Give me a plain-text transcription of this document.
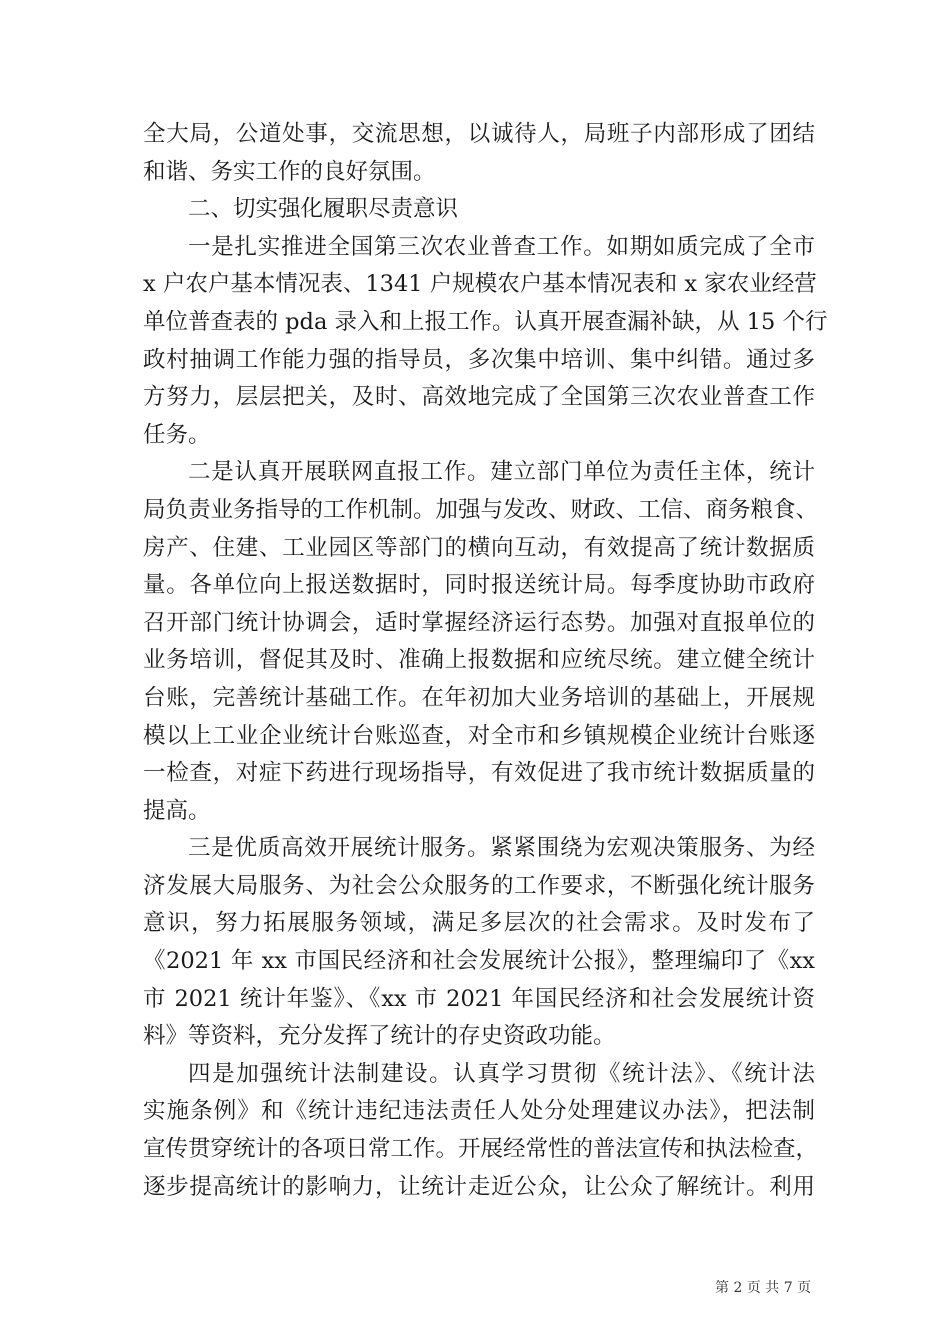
全大局，公道处事，交流思想，以诚待人，局班子内部形成了团结
和谐、务实工作的良好氛围。
二、切实强化履职尽责意识
一是扎实推进全国第三次农业普查工作。如期如质完成了全市
x 户农户基本情况表、1341 户规模农户基本情况表和 x 家农业经营
单位普查表的 pda 录入和上报工作。认真开展查漏补缺，从 15 个行
政村抽调工作能力强的指导员，多次集中培训、集中纠错。通过多
方努力，层层把关，及时、高效地完成了全国第三次农业普查工作
任务。
二是认真开展联网直报工作。建立部门单位为责任主体，统计
局负责业务指导的工作机制。加强与发改、财政、工信、商务粮食、
房产、住建、工业园区等部门的横向互动，有效提高了统计数据质
量。各单位向上报送数据时，同时报送统计局。每季度协助市政府
召开部门统计协调会，适时掌握经济运行态势。加强对直报单位的
业务培训，督促其及时、准确上报数据和应统尽统。建立健全统计
台账，完善统计基础工作。在年初加大业务培训的基础上，开展规
模以上工业企业统计台账巡查，对全市和乡镇规模企业统计台账逐
一检查，对症下药进行现场指导，有效促进了我市统计数据质量的
提高。
三是优质高效开展统计服务。紧紧围绕为宏观决策服务、为经
济发展大局服务、为社会公众服务的工作要求，不断强化统计服务
意识，努力拓展服务领域，满足多层次的社会需求。及时发布了
《2021 年 xx 市国民经济和社会发展统计公报》，整理编印了《xx
市 2021 统计年鉴》、《xx 市 2021 年国民经济和社会发展统计资
料》等资料，充分发挥了统计的存史资政功能。
四是加强统计法制建设。认真学习贯彻《统计法》、《统计法
实施条例》和《统计违纪违法责任人处分处理建议办法》，把法制
宣传贯穿统计的各项日常工作。开展经常性的普法宣传和执法检查，
逐步提高统计的影响力，让统计走近公众，让公众了解统计。利用
第 2 页 共 7 页
